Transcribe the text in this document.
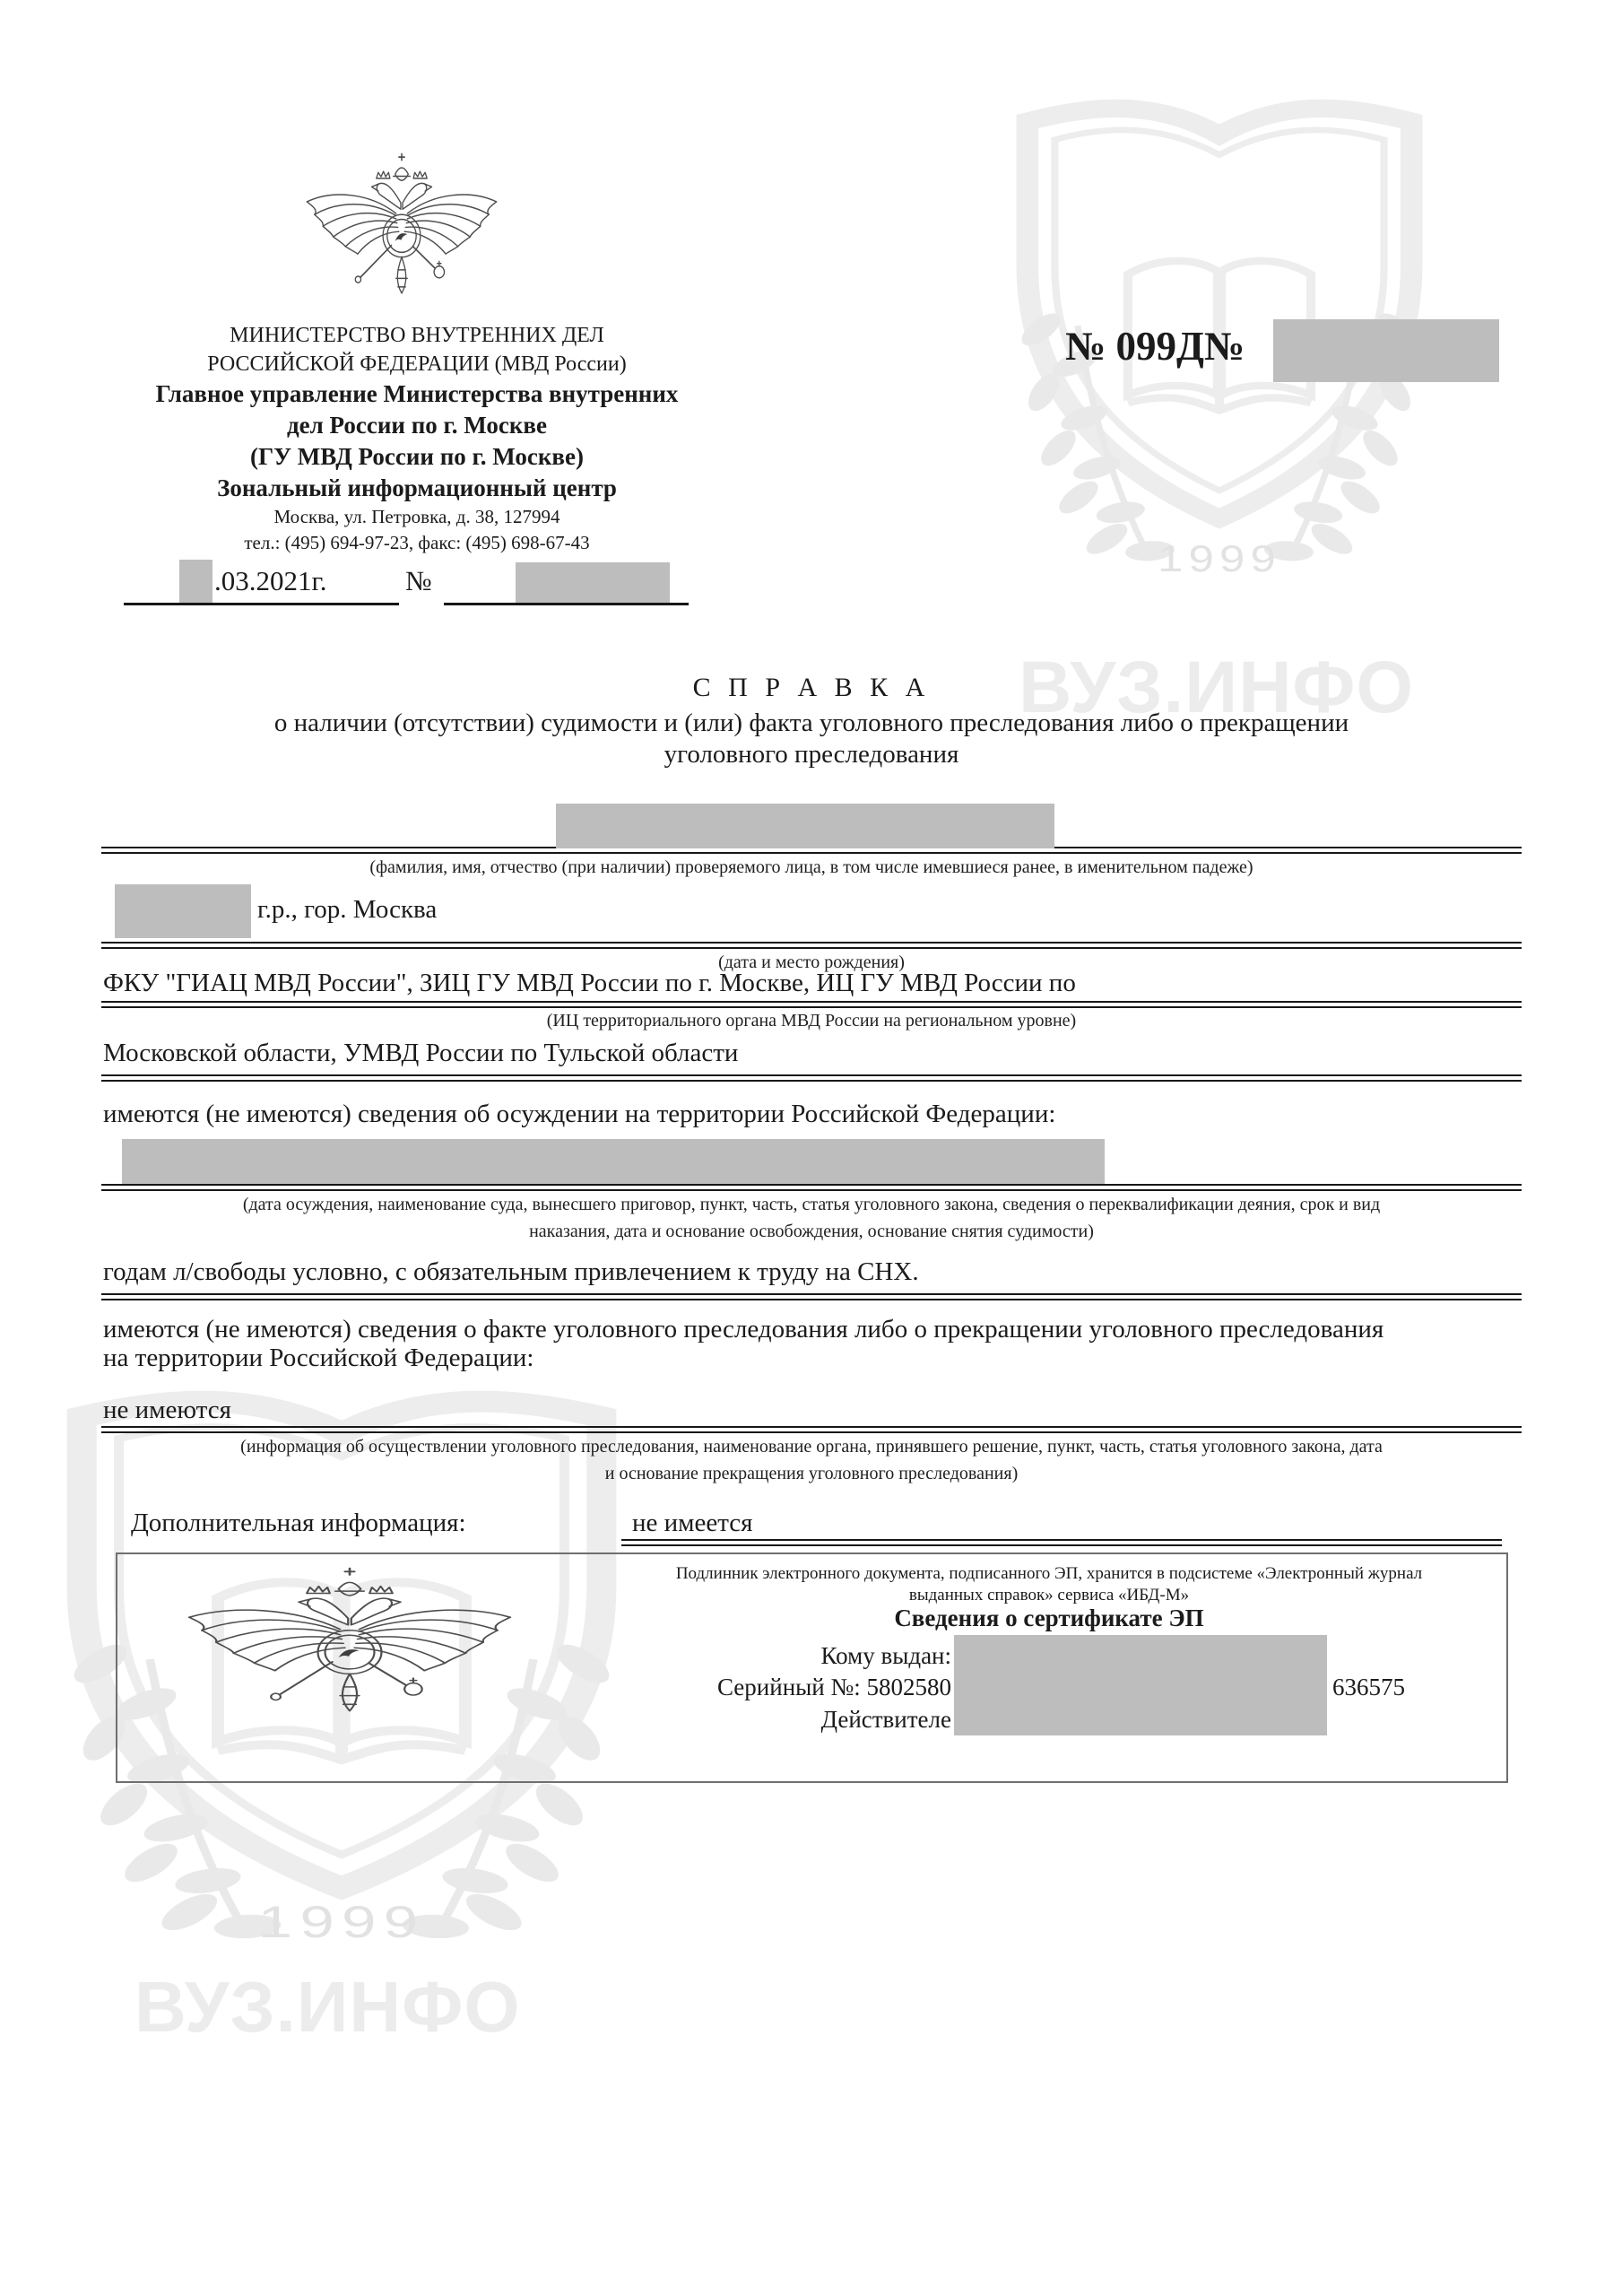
1999
ВУЗ.ИНФО
1999
ВУЗ.ИНФО
МИНИСТЕРСТВО ВНУТРЕННИХ ДЕЛ
РОССИЙСКОЙ ФЕДЕРАЦИИ (МВД России)
Главное управление Министерства внутренних
дел России по г. Москве
(ГУ МВД России по г. Москве)
Зональный информационный центр
Москва, ул. Петровка, д. 38, 127994
тел.: (495) 694-97-23, факс: (495) 698-67-43
№ 099Д№
.03.2021г.	№
С П Р А В К А
о наличии (отсутствии) судимости и (или) факта уголовного преследования либо о прекращении
уголовного преследования
(фамилия, имя, отчество (при наличии) проверяемого лица, в том числе имевшиеся ранее, в именительном падеже)
г.р., гор. Москва
(дата и место рождения)
ФКУ "ГИАЦ МВД России", ЗИЦ ГУ МВД России по г. Москве, ИЦ ГУ МВД России по
(ИЦ территориального органа МВД России на региональном уровне)
Московской области, УМВД России по Тульской области
имеются (не имеются) сведения об осуждении на территории Российской Федерации:
(дата осуждения, наименование суда, вынесшего приговор, пункт, часть, статья уголовного закона, сведения о переквалификации деяния, срок и вид
наказания, дата и основание освобождения, основание снятия судимости)
годам л/свободы условно, с обязательным привлечением к труду на СНХ.
имеются (не имеются) сведения о факте уголовного преследования либо о прекращении уголовного преследования
на территории Российской Федерации:
не имеются
(информация об осуществлении уголовного преследования, наименование органа, принявшего решение, пункт, часть, статья уголовного закона, дата
и основание прекращения уголовного преследования)
Дополнительная информация:	не имеется
Подлинник электронного документа, подписанного ЭП, хранится в подсистеме «Электронный журнал
выданных справок» сервиса «ИБД-М»
Сведения о сертификате ЭП
Кому выдан:
Серийный №: 5802580	636575
Действителе
